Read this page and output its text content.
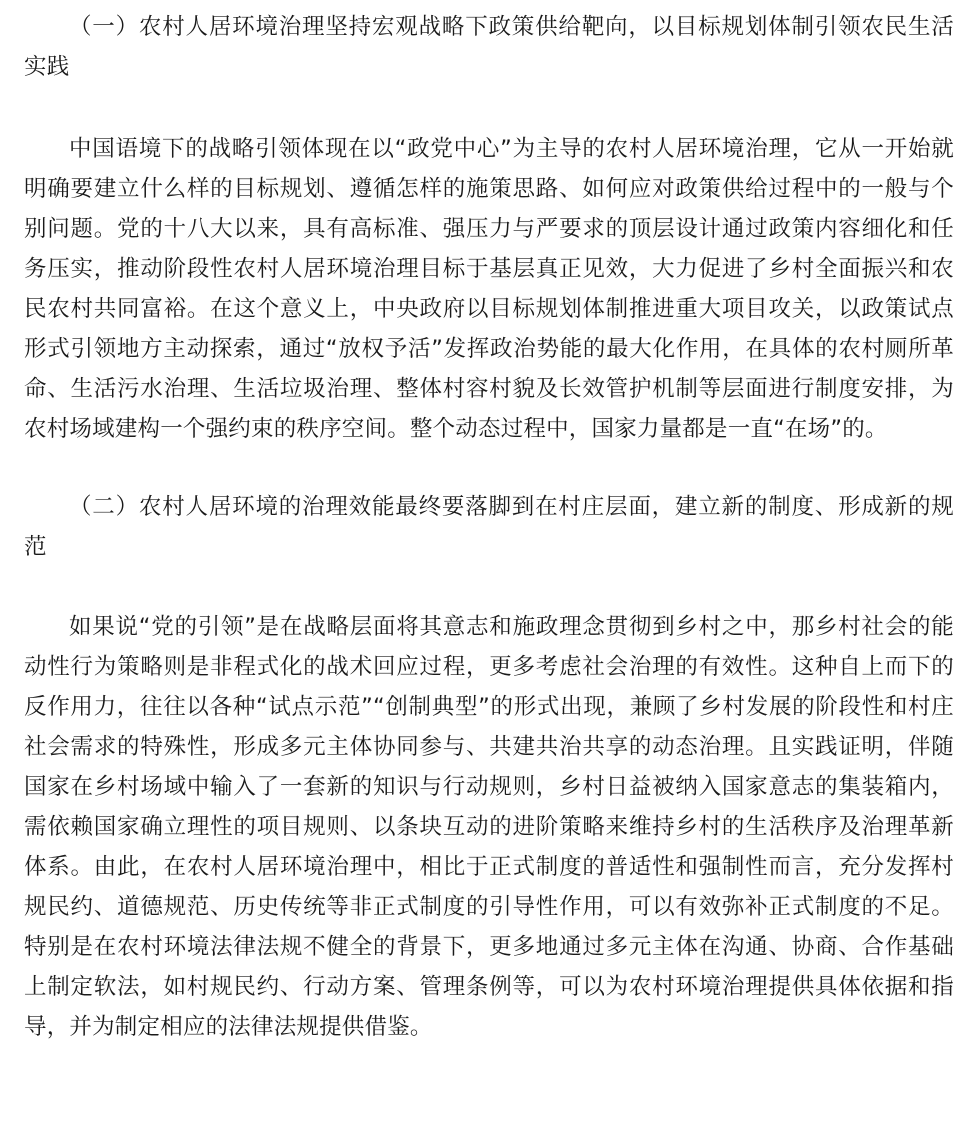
（一）农村人居环境治理坚持宏观战略下政策供给靶向，以目标规划体制引领农民生活实践

中国语境下的战略引领体现在以“政党中心”为主导的农村人居环境治理，它从一开始就明确要建立什么样的目标规划、遵循怎样的施策思路、如何应对政策供给过程中的一般与个别问题。党的十八大以来，具有高标准、强压力与严要求的顶层设计通过政策内容细化和任务压实，推动阶段性农村人居环境治理目标于基层真正见效，大力促进了乡村全面振兴和农民农村共同富裕。在这个意义上，中央政府以目标规划体制推进重大项目攻关，以政策试点形式引领地方主动探索，通过“放权予活”发挥政治势能的最大化作用，在具体的农村厕所革命、生活污水治理、生活垃圾治理、整体村容村貌及长效管护机制等层面进行制度安排，为农村场域建构一个强约束的秩序空间。整个动态过程中，国家力量都是一直“在场”的。

（二）农村人居环境的治理效能最终要落脚到在村庄层面，建立新的制度、形成新的规范

如果说“党的引领”是在战略层面将其意志和施政理念贯彻到乡村之中，那乡村社会的能动性行为策略则是非程式化的战术回应过程，更多考虑社会治理的有效性。这种自上而下的反作用力，往往以各种“试点示范”“创制典型”的形式出现，兼顾了乡村发展的阶段性和村庄社会需求的特殊性，形成多元主体协同参与、共建共治共享的动态治理。且实践证明，伴随国家在乡村场域中输入了一套新的知识与行动规则，乡村日益被纳入国家意志的集装箱内，需依赖国家确立理性的项目规则、以条块互动的进阶策略来维持乡村的生活秩序及治理革新体系。由此，在农村人居环境治理中，相比于正式制度的普适性和强制性而言，充分发挥村规民约、道德规范、历史传统等非正式制度的引导性作用，可以有效弥补正式制度的不足。特别是在农村环境法律法规不健全的背景下，更多地通过多元主体在沟通、协商、合作基础上制定软法，如村规民约、行动方案、管理条例等，可以为农村环境治理提供具体依据和指导，并为制定相应的法律法规提供借鉴。
